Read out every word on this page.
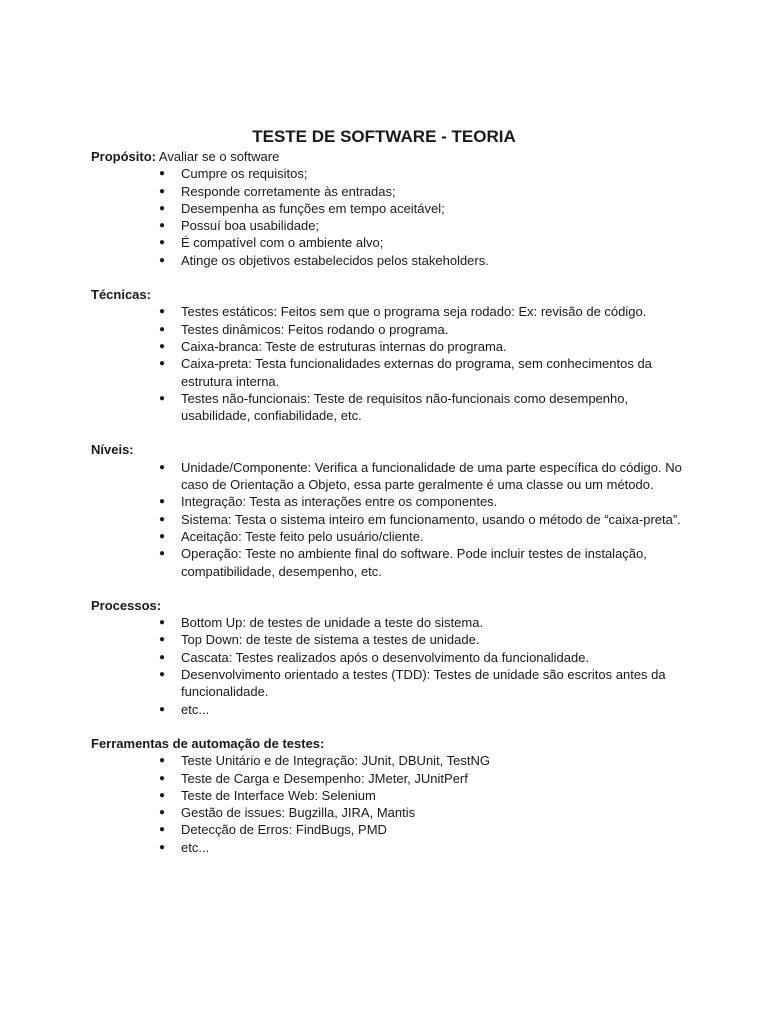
TESTE DE SOFTWARE - TEORIA
Propósito: Avaliar se o software
● Cumpre os requisitos;
● Responde corretamente às entradas;
● Desempenha as funções em tempo aceitável;
● Possuí boa usabilidade;
● É compatível com o ambiente alvo;
● Atinge os objetivos estabelecidos pelos stakeholders.
Técnicas:
● Testes estáticos: Feitos sem que o programa seja rodado: Ex: revisão de código.
● Testes dinâmicos: Feitos rodando o programa.
● Caixa-branca: Teste de estruturas internas do programa.
● Caixa-preta: Testa funcionalidades externas do programa, sem conhecimentos da estrutura interna.
● Testes não-funcionais: Teste de requisitos não-funcionais como desempenho, usabilidade, confiabilidade, etc.
Níveis:
● Unidade/Componente: Verifica a funcionalidade de uma parte específica do código. No caso de Orientação a Objeto, essa parte geralmente é uma classe ou um método.
● Integração: Testa as interações entre os componentes.
● Sistema: Testa o sistema inteiro em funcionamento, usando o método de “caixa-preta”.
● Aceitação: Teste feito pelo usuário/cliente.
● Operação: Teste no ambiente final do software. Pode incluir testes de instalação, compatibilidade, desempenho, etc.
Processos:
● Bottom Up: de testes de unidade a teste do sistema.
● Top Down: de teste de sistema a testes de unidade.
● Cascata: Testes realizados após o desenvolvimento da funcionalidade.
● Desenvolvimento orientado a testes (TDD): Testes de unidade são escritos antes da funcionalidade.
● etc...
Ferramentas de automação de testes:
● Teste Unitário e de Integração: JUnit, DBUnit, TestNG
● Teste de Carga e Desempenho: JMeter, JUnitPerf
● Teste de Interface Web: Selenium
● Gestão de issues: Bugzilla, JIRA, Mantis
● Detecção de Erros: FindBugs, PMD
● etc...
